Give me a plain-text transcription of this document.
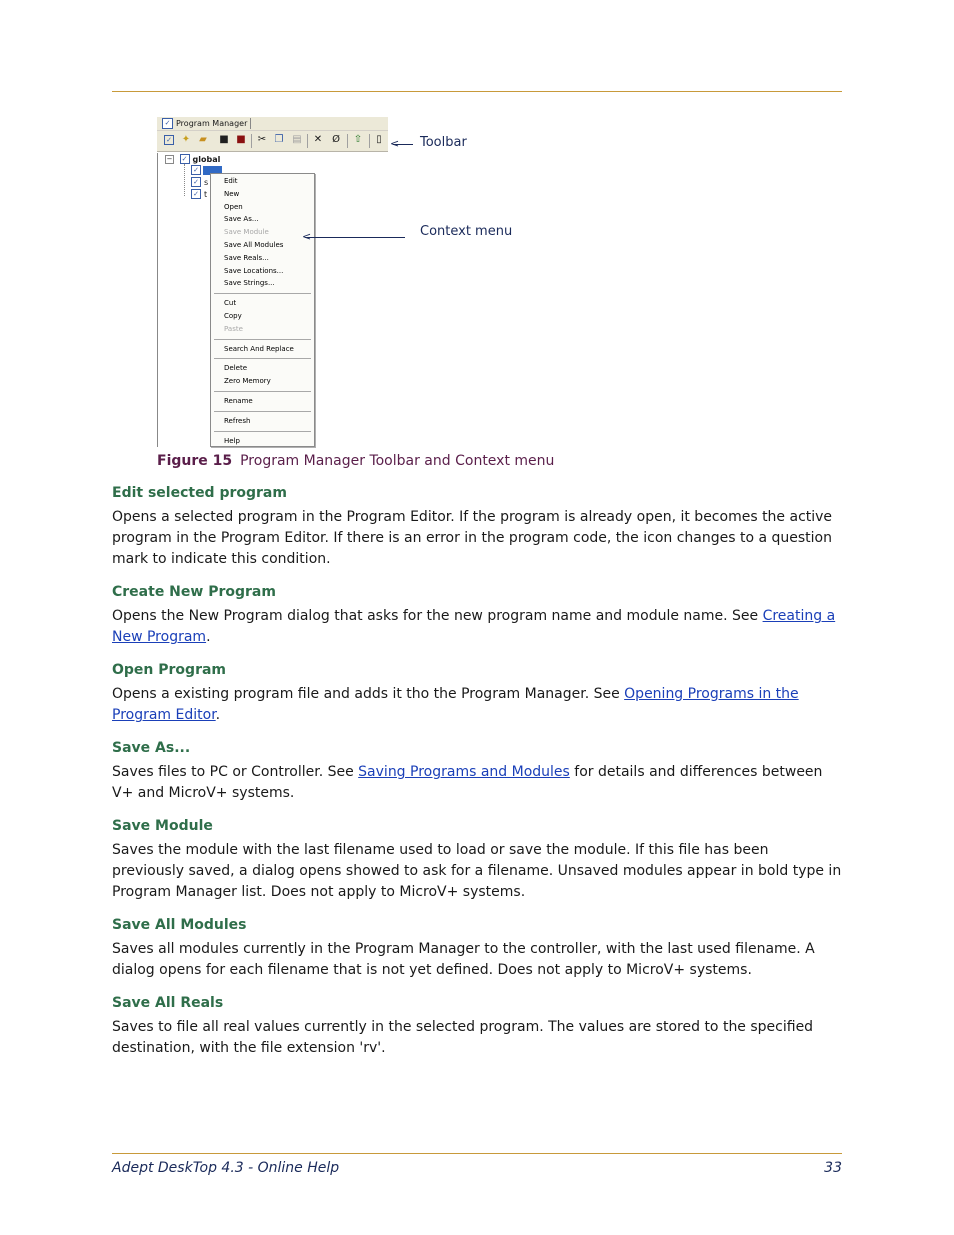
✓ Program Manager
✓ ✦ ▰ ■ ■ ✂ ❐ ▤ ✕ Ø ⇧	▯
− ✓ global
✓
✓ s
✓ t
Edit
New
Open
Save As...
Save Module
Save All Modules
Save Reals...
Save Locations...
Save Strings...
Cut
Copy
Paste
Search And Replace
Delete
Zero Memory
Rename
Refresh
Help
< Toolbar
<	Context menu
Figure 15 Program Manager Toolbar and Context menu
Edit selected program
Opens a selected program in the Program Editor. If the program is already open, it becomes the active program in the Program Editor. If there is an error in the program code, the icon changes to a question mark to indicate this condition.
Create New Program
Opens the New Program dialog that asks for the new program name and module name. See Creating a New Program.
Open Program
Opens a existing program file and adds it tho the Program Manager. See Opening Programs in the Program Editor.
Save As...
Saves files to PC or Controller. See Saving Programs and Modules for details and differences between V+ and MicroV+ systems.
Save Module
Saves the module with the last filename used to load or save the module. If this file has been previously saved, a dialog opens showed to ask for a filename. Unsaved modules appear in bold type in Program Manager list. Does not apply to MicroV+ systems.
Save All Modules
Saves all modules currently in the Program Manager to the controller, with the last used filename. A dialog opens for each filename that is not yet defined. Does not apply to MicroV+ systems.
Save All Reals
Saves to file all real values currently in the selected program. The values are stored to the specified destination, with the file extension 'rv'.
Adept DeskTop 4.3 - Online Help	33
